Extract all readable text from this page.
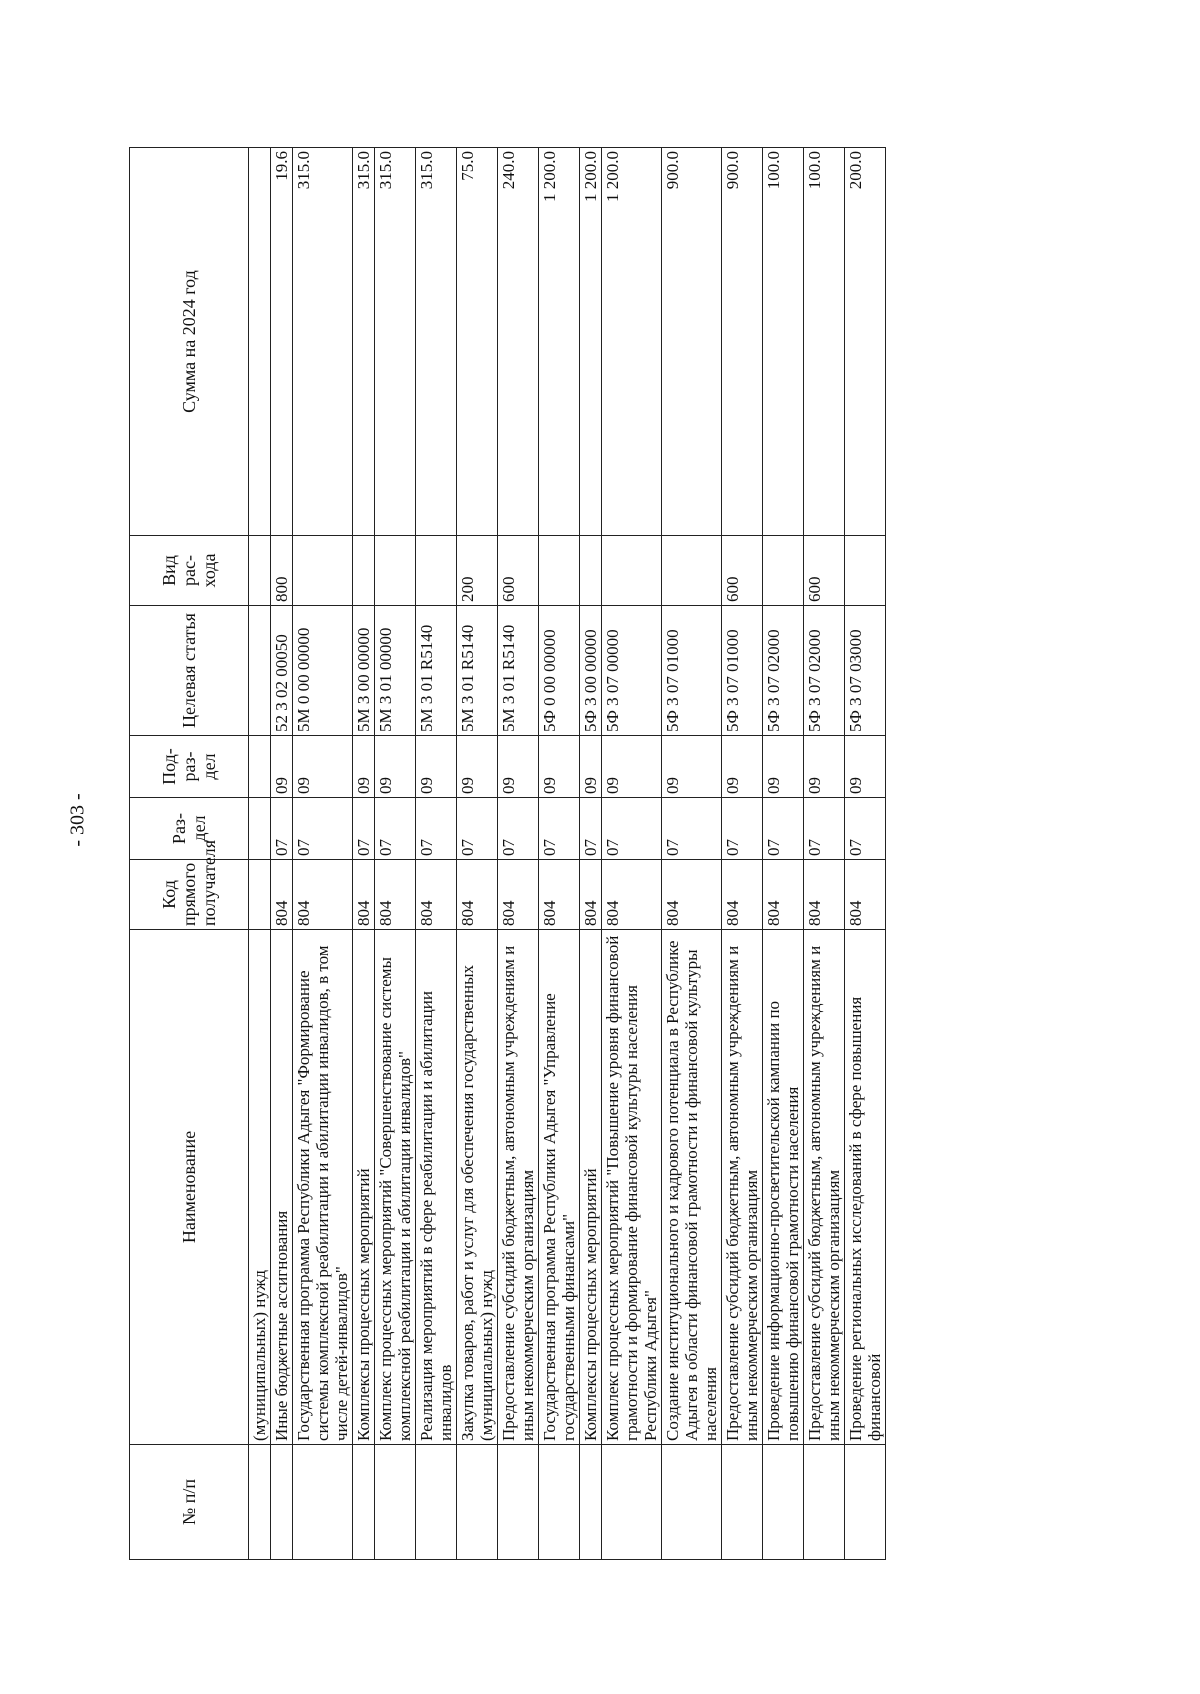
- 303 -
№ п/п	Наименование	Код прямого получателя	Раз- дел	Под- раз- дел	Целевая статья	Вид рас- хода	Сумма на 2024 год
	(муниципальных) нужд						
	Иные бюджетные ассигнования	804	07	09	52 3 02 00050	800	19.6
	Государственная программа Республики Адыгея "Формирование системы комплексной реабилитации и абилитации инвалидов, в том числе детей-инвалидов"	804	07	09	5М 0 00 00000		315.0
	Комплексы процессных мероприятий	804	07	09	5М 3 00 00000		315.0
	Комплекс процессных мероприятий "Совершенствование системы комплексной реабилитации и абилитации инвалидов"	804	07	09	5М 3 01 00000		315.0
	Реализация мероприятий в сфере реабилитации и абилитации инвалидов	804	07	09	5М 3 01 R5140		315.0
	Закупка товаров, работ и услуг для обеспечения государственных (муниципальных) нужд	804	07	09	5М 3 01 R5140	200	75.0
	Предоставление субсидий бюджетным, автономным учреждениям и иным некоммерческим организациям	804	07	09	5М 3 01 R5140	600	240.0
	Государственная программа Республики Адыгея "Управление государственными финансами"	804	07	09	5Ф 0 00 00000		1 200.0
	Комплексы процессных мероприятий	804	07	09	5Ф 3 00 00000		1 200.0
	Комплекс процессных мероприятий "Повышение уровня финансовой грамотности и формирование финансовой культуры населения Республики Адыгея"	804	07	09	5Ф 3 07 00000		1 200.0
	Создание институционального и кадрового потенциала в Республике Адыгея в области финансовой грамотности и финансовой культуры населения	804	07	09	5Ф 3 07 01000		900.0
	Предоставление субсидий бюджетным, автономным учреждениям и иным некоммерческим организациям	804	07	09	5Ф 3 07 01000	600	900.0
	Проведение информационно-просветительской кампании по повышению финансовой грамотности населения	804	07	09	5Ф 3 07 02000		100.0
	Предоставление субсидий бюджетным, автономным учреждениям и иным некоммерческим организациям	804	07	09	5Ф 3 07 02000	600	100.0
	Проведение региональных исследований в сфере повышения финансовой	804	07	09	5Ф 3 07 03000		200.0
